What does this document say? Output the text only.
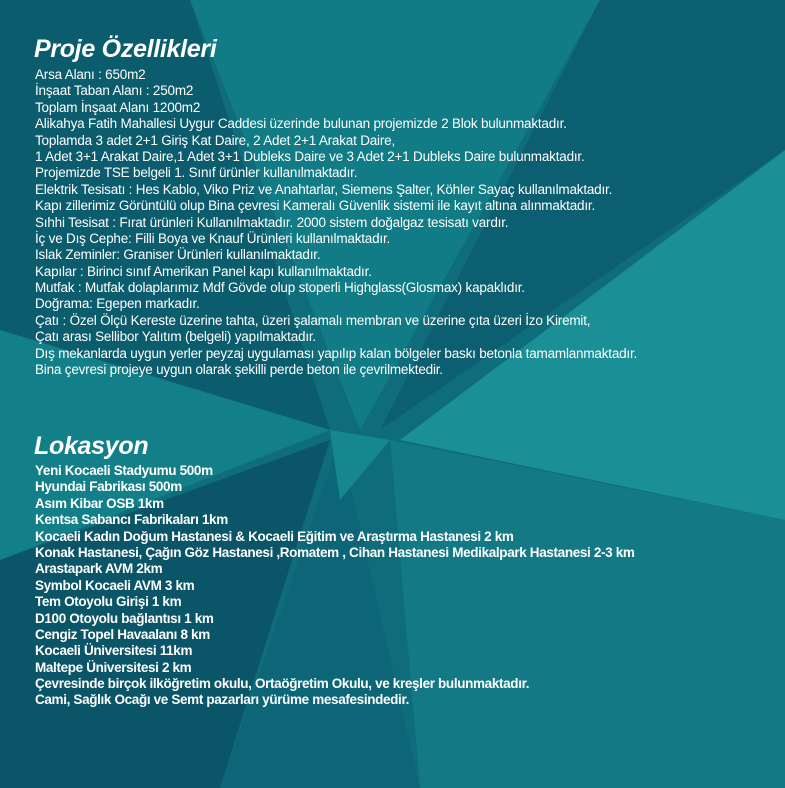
Proje Özellikleri
Arsa Alanı : 650m2
İnşaat Taban Alanı : 250m2
Toplam İnşaat Alanı 1200m2
Alikahya Fatih Mahallesi Uygur Caddesi üzerinde bulunan projemizde 2 Blok bulunmaktadır.
Toplamda 3 adet 2+1 Giriş Kat Daire, 2 Adet 2+1 Arakat Daire,
1 Adet 3+1 Arakat Daire,1 Adet 3+1 Dubleks Daire ve 3 Adet 2+1 Dubleks Daire bulunmaktadır.
Projemizde TSE belgeli 1. Sınıf ürünler kullanılmaktadır.
Elektrik Tesisatı : Hes Kablo, Viko Priz ve Anahtarlar, Siemens Şalter, Köhler Sayaç kullanılmaktadır.
Kapı zillerimiz Görüntülü olup Bina çevresi Kameralı Güvenlik sistemi ile kayıt altına alınmaktadır.
Sıhhi Tesisat : Fırat ürünleri Kullanılmaktadır. 2000 sistem doğalgaz tesisatı vardır.
İç ve Dış Cephe: Filli Boya ve Knauf Ürünleri kullanılmaktadır.
Islak Zeminler: Graniser Ürünleri kullanılmaktadır.
Kapılar : Birinci sınıf Amerikan Panel kapı kullanılmaktadır.
Mutfak : Mutfak dolaplarımız Mdf Gövde olup stoperli Highglass(Glosmax) kapaklıdır.
Doğrama: Egepen markadır.
Çatı : Özel Ölçü Kereste üzerine tahta, üzeri şalamalı membran ve üzerine çıta üzeri İzo Kiremit,
Çatı arası Sellibor Yalıtım (belgeli) yapılmaktadır.
Dış mekanlarda uygun yerler peyzaj uygulaması yapılıp kalan bölgeler baskı betonla tamamlanmaktadır.
Bina çevresi projeye uygun olarak şekilli perde beton ile çevrilmektedir.
Lokasyon
Yeni Kocaeli Stadyumu 500m
Hyundai Fabrikası 500m
Asım Kibar OSB 1km
Kentsa Sabancı Fabrikaları 1km
Kocaeli Kadın Doğum Hastanesi & Kocaeli Eğitim ve Araştırma Hastanesi 2 km
Konak Hastanesi, Çağın Göz Hastanesi ,Romatem , Cihan Hastanesi Medikalpark Hastanesi 2-3 km
Arastapark AVM 2km
Symbol Kocaeli AVM 3 km
Tem Otoyolu Girişi 1 km
D100 Otoyolu bağlantısı 1 km
Cengiz Topel Havaalanı 8 km
Kocaeli Üniversitesi 11km
Maltepe Üniversitesi 2 km
Çevresinde birçok ilköğretim okulu, Ortaöğretim Okulu, ve kreşler bulunmaktadır.
Cami, Sağlık Ocağı ve Semt pazarları yürüme mesafesindedir.
